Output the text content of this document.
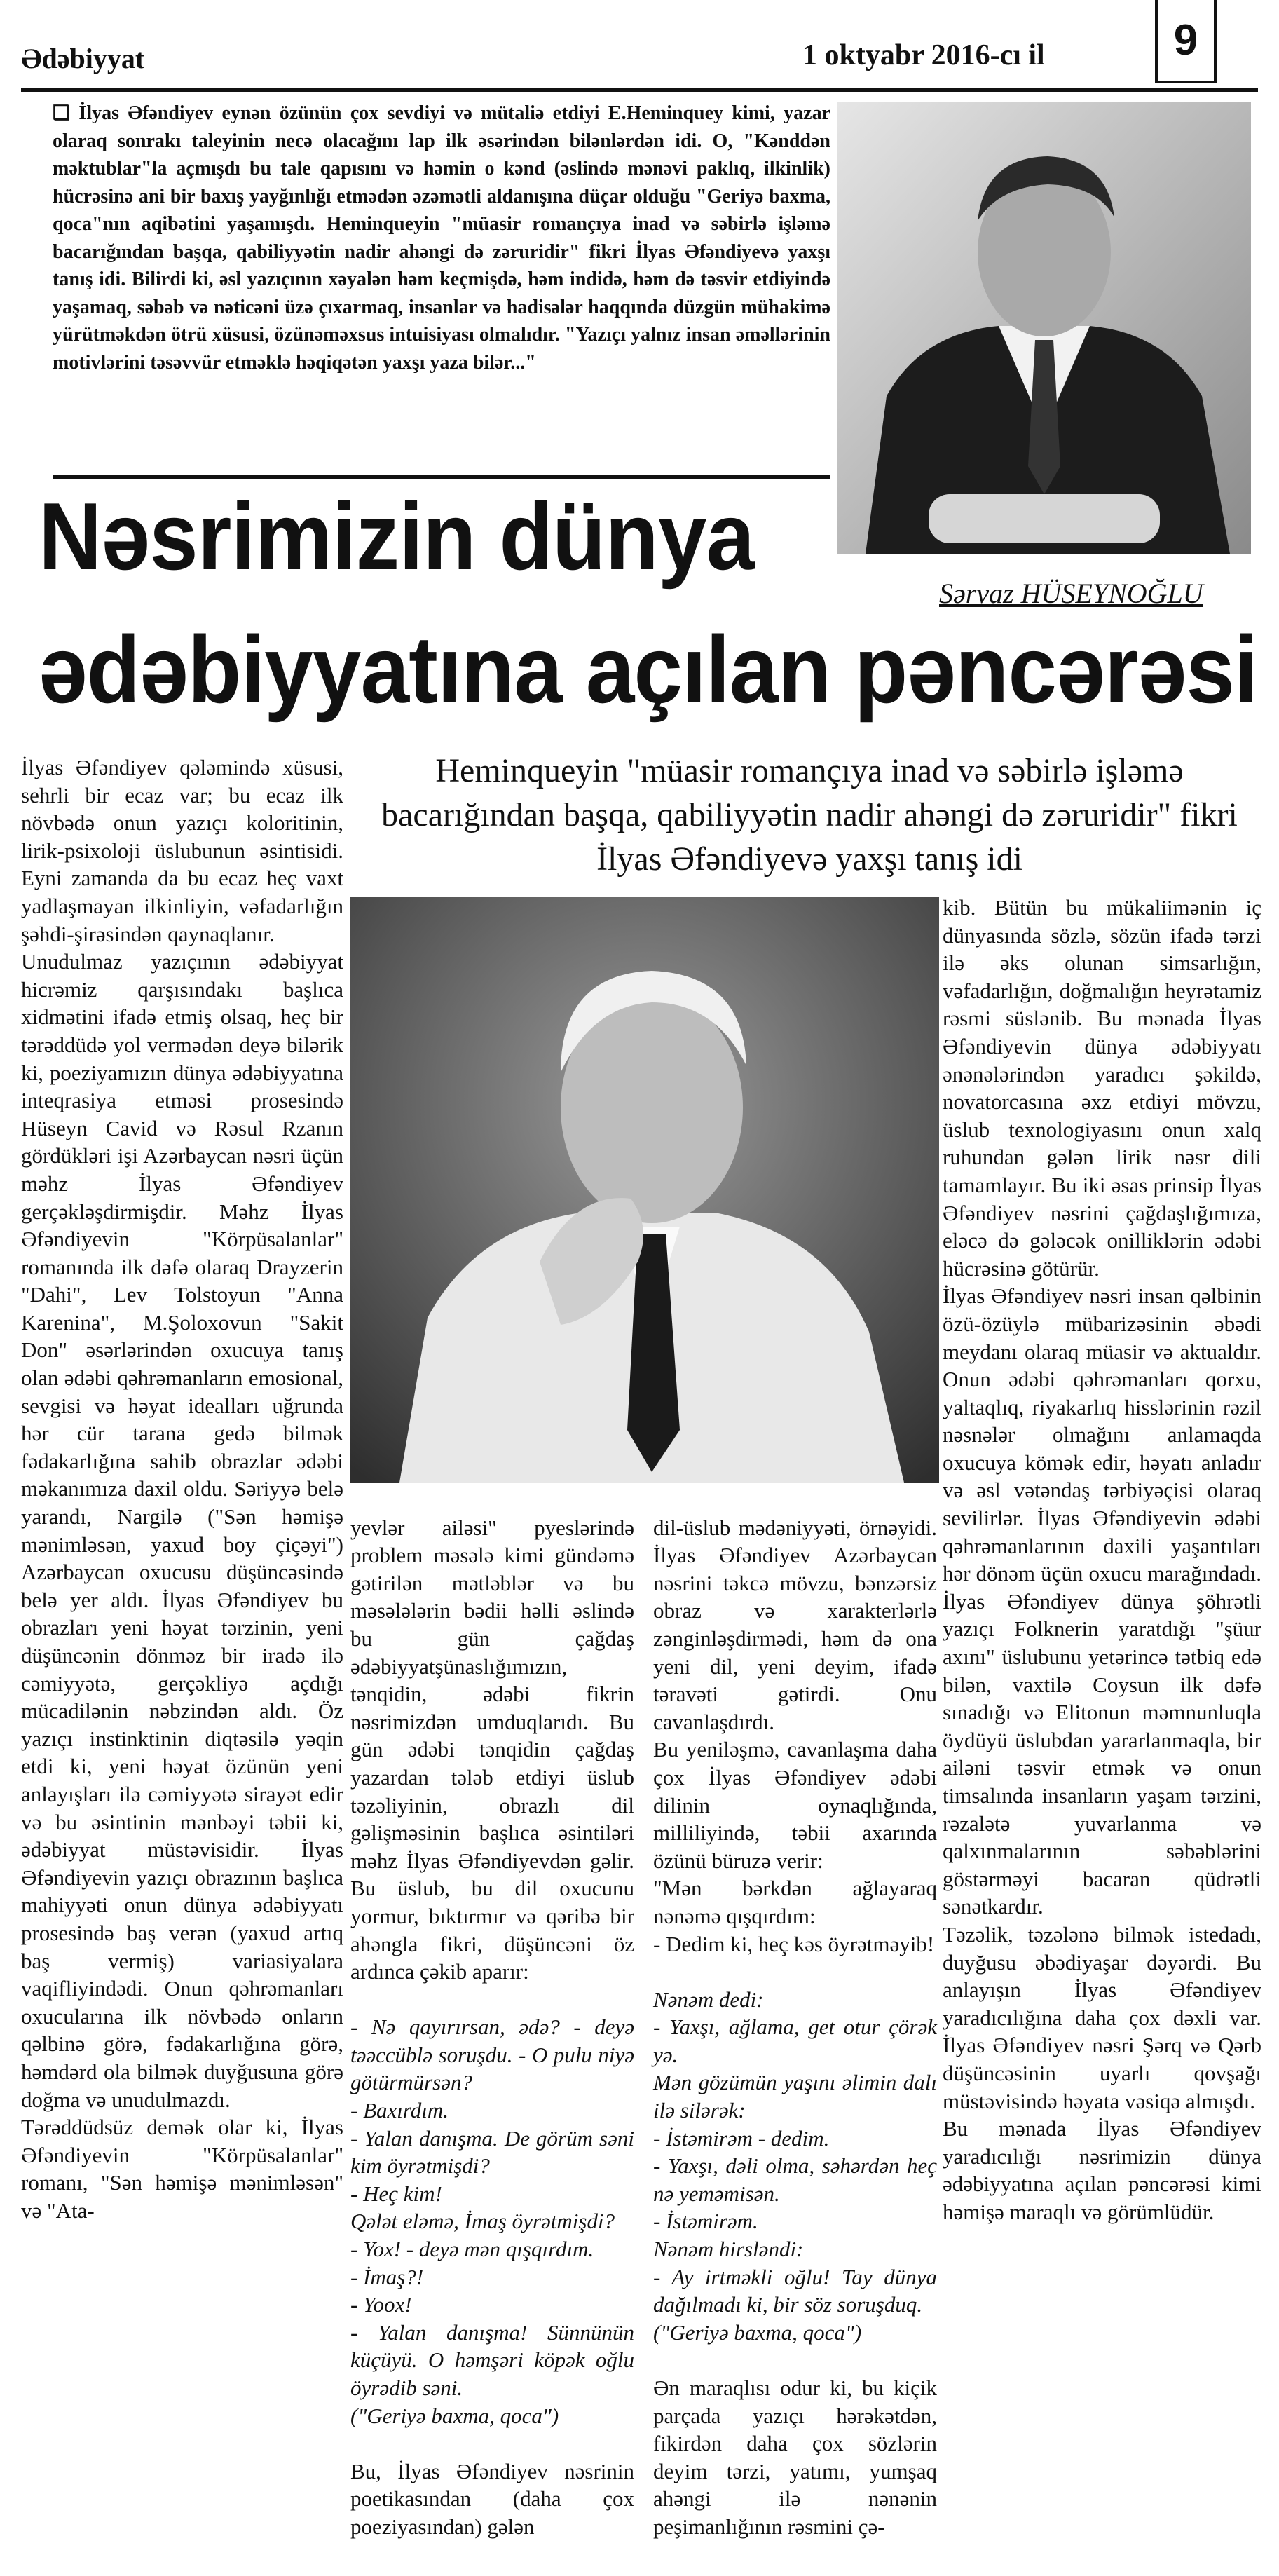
Ədəbiyyat	1 oktyabr 2016-cı il	9
❑ İlyas Əfəndiyev eynən özünün çox sevdiyi və mütaliə etdiyi E.Heminquey kimi, yazar olaraq sonrakı taleyinin necə olacağını lap ilk əsərindən bilənlərdən idi. O, "Kənddən məktublar"la açmışdı bu tale qapısını və həmin o kənd (əslində mənəvi paklıq, ilkinlik) hücrəsinə ani bir baxış yayğınlığı etmədən əzəmətli aldanışına düçar olduğu "Geriyə baxma, qoca"nın aqibətini yaşamışdı. Heminqueyin "müasir romançıya inad və səbirlə işləmə bacarığından başqa, qabiliyyətin nadir ahəngi də zəruridir" fikri İlyas Əfəndiyevə yaxşı tanış idi. Bilirdi ki, əsl yazıçının xəyalən həm keçmişdə, həm indidə, həm də təsvir etdiyində yaşamaq, səbəb və nəticəni üzə çıxarmaq, insanlar və hadisələr haqqında düzgün mühakimə yürütməkdən ötrü xüsusi, özünəməxsus intuisiyası olmalıdır. "Yazıçı yalnız insan əməllərinin motivlərini təsəvvür etməklə həqiqətən yaxşı yaza bilər..."
Nəsrimizin dünya
Sərvaz HÜSEYNOĞLU
ədəbiyyatına açılan pəncərəsi
Heminqueyin "müasir romançıya inad və səbirlə işləmə bacarığından başqa, qabiliyyətin nadir ahəngi də zəruridir" fikri İlyas Əfəndiyevə yaxşı tanış idi
İlyas Əfəndiyev qələmində xüsusi, sehrli bir ecaz var; bu ecaz ilk növbədə onun yazıçı koloritinin, lirik-psixoloji üslubunun əsintisidi. Eyni zamanda da bu ecaz heç vaxt yadlaşmayan ilkinliyin, vəfadarlığın şəhdi-şirəsindən qaynaqlanır.
Unudulmaz yazıçının ədəbiyyat hicrəmiz qarşısındakı başlıca xidmətini ifadə etmiş olsaq, heç bir tərəddüdə yol vermədən deyə bilərik ki, poeziyamızın dünya ədəbiyyatına inteqrasiya etməsi prosesində Hüseyn Cavid və Rəsul Rzanın gördükləri işi Azərbaycan nəsri üçün məhz İlyas Əfəndiyev gerçəkləşdirmişdir. Məhz İlyas Əfəndiyevin "Körpüsalanlar" romanında ilk dəfə olaraq Drayzerin "Dahi", Lev Tolstoyun "Anna Karenina", M.Şoloxovun "Sakit Don" əsərlərindən oxucuya tanış olan ədəbi qəhrəmanların emosional, sevgisi və həyat idealları uğrunda hər cür tarana gedə bilmək fədakarlığına sahib obrazlar ədəbi məkanımıza daxil oldu. Səriyyə belə yarandı, Nargilə ("Sən həmişə mənimləsən, yaxud boy çiçəyi") Azərbaycan oxucusu düşüncəsində belə yer aldı. İlyas Əfəndiyev bu obrazları yeni həyat tərzinin, yeni düşüncənin dönməz bir iradə ilə cəmiyyətə, gerçəkliyə açdığı mücadilənin nəbzindən aldı. Öz yazıçı instinktinin diqtəsilə yəqin etdi ki, yeni həyat özünün yeni anlayışları ilə cəmiyyətə sirayət edir və bu əsintinin mənbəyi təbii ki, ədəbiyyat müstəvisidir. İlyas Əfəndiyevin yazıçı obrazının başlıca mahiyyəti onun dünya ədəbiyyatı prosesində baş verən (yaxud artıq baş vermiş) variasiyalara vaqifliyindədi. Onun qəhrəmanları oxucularına ilk növbədə onların qəlbinə görə, fədakarlığına görə, həmdərd ola bilmək duyğusuna görə doğma və unudulmazdı.
Tərəddüdsüz demək olar ki, İlyas Əfəndiyevin "Körpüsalanlar" romanı, "Sən həmişə mənimləsən" və "Ata-

yevlər ailəsi" pyeslərində problem məsələ kimi gündəmə gətirilən mətləblər və bu məsələlərin bədii həlli əslində bu gün çağdaş ədəbiyyatşünaslığımızın, tənqidin, ədəbi fikrin nəsrimizdən umduqlarıdı. Bu gün ədəbi tənqidin çağdaş yazardan tələb etdiyi üslub təzəliyinin, obrazlı dil gəlişməsinin başlıca əsintiləri məhz İlyas Əfəndiyevdən gəlir. Bu üslub, bu dil oxucunu yormur, bıktırmır və qəribə bir ahəngla fikri, düşüncəni öz ardınca çəkib aparır:

- Nə qayırırsan, ədə? - deyə təəccüblə soruşdu. - O pulu niyə götürmürsən?
- Baxırdım.
- Yalan danışma. De görüm səni kim öyrətmişdi?
- Heç kim!
Qələt eləmə, İmaş öyrətmişdi?
- Yox! - deyə mən qışqırdım.
- İmaş?!
- Yoox!
- Yalan danışma! Sünnünün küçüyü. O həmşəri köpək oğlu öyrədib səni.
("Geriyə baxma, qoca")

Bu, İlyas Əfəndiyev nəsrinin poetikasından (daha çox poeziyasından) gələn

dil-üslub mədəniyyəti, örnəyidi. İlyas Əfəndiyev Azərbaycan nəsrini təkcə mövzu, bənzərsiz obraz və xarakterlərlə zənginləşdirmədi, həm də ona yeni dil, yeni deyim, ifadə təravəti gətirdi. Onu cavanlaşdırdı.
Bu yeniləşmə, cavanlaşma daha çox İlyas Əfəndiyev ədəbi dilinin oynaqlığında, milliliyində, təbii axarında özünü büruzə verir:
"Mən bərkdən ağlayaraq nənəmə qışqırdım:
- Dedim ki, heç kəs öyrətməyib!

Nənəm dedi:
- Yaxşı, ağlama, get otur çörək yə.
Mən gözümün yaşını əlimin dalı ilə silərək:
- İstəmirəm - dedim.
- Yaxşı, dəli olma, səhərdən heç nə yeməmisən.
- İstəmirəm.
Nənəm hirsləndi:
- Ay irtməkli oğlu! Tay dünya dağılmadı ki, bir söz soruşduq.
("Geriyə baxma, qoca")

Ən maraqlısı odur ki, bu kiçik parçada yazıçı hərəkətdən, fikirdən daha çox sözlərin deyim tərzi, yatımı, yumşaq ahəngi ilə nənənin peşimanlığının rəsmini çə-

kib. Bütün bu mükaliimənin iç dünyasında sözlə, sözün ifadə tərzi ilə əks olunan simsarlığın, vəfadarlığın, doğmalığın heyrətamiz rəsmi süslənib. Bu mənada İlyas Əfəndiyevin dünya ədəbiyyatı ənənələrindən yaradıcı şəkildə, novatorcasına əxz etdiyi mövzu, üslub texnologiyasını onun xalq ruhundan gələn lirik nəsr dili tamamlayır. Bu iki əsas prinsip İlyas Əfəndiyev nəsrini çağdaşlığımıza, eləcə də gələcək onilliklərin ədəbi hücrəsinə götürür.
İlyas Əfəndiyev nəsri insan qəlbinin özü-özüylə mübarizəsinin əbədi meydanı olaraq müasir və aktualdır. Onun ədəbi qəhrəmanları qorxu, yaltaqlıq, riyakarlıq hisslərinin rəzil nəsnələr olmağını anlamaqda oxucuya kömək edir, həyatı anladır və əsl vətəndaş tərbiyəçisi olaraq sevilirlər. İlyas Əfəndiyevin ədəbi qəhrəmanlarının daxili yaşantıları hər dönəm üçün oxucu marağındadı. İlyas Əfəndiyev dünya şöhrətli yazıçı Folknerin yaratdığı "şüur axını" üslubunu yetərincə tətbiq edə bilən, vaxtilə Coysun ilk dəfə sınadığı və Elitonun məmnunluqla öydüyü üslubdan yararlanmaqla, bir ailəni təsvir etmək və onun timsalında insanların yaşam tərzini, rəzalətə yuvarlanma və qalxınmalarının səbəblərini göstərməyi bacaran qüdrətli sənətkardır.
Təzəlik, təzələnə bilmək istedadı, duyğusu əbədiyaşar dəyərdi. Bu anlayışın İlyas Əfəndiyev yaradıcılığına daha çox dəxli var. İlyas Əfəndiyev nəsri Şərq və Qərb düşüncəsinin uyarlı qovşağı müstəvisində həyata vəsiqə almışdı.
Bu mənada İlyas Əfəndiyev yaradıcılığı nəsrimizin dünya ədəbiyyatına açılan pəncərəsi kimi həmişə maraqlı və görümlüdür.
